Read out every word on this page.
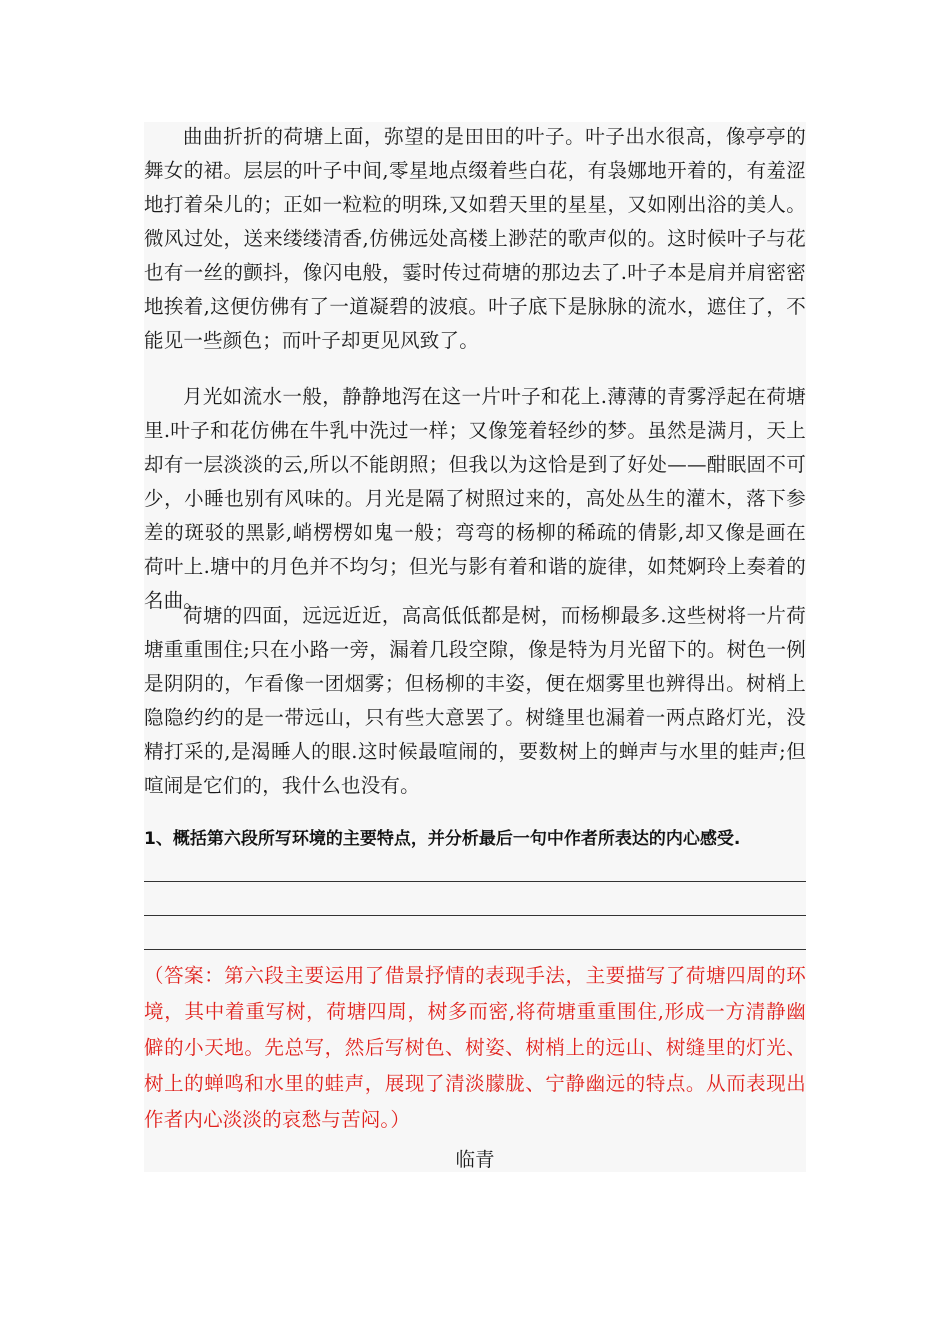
曲曲折折的荷塘上面，弥望的是田田的叶子。叶子出水很高，像亭亭的舞女的裙。层层的叶子中间,零星地点缀着些白花，有袅娜地开着的，有羞涩地打着朵儿的；正如一粒粒的明珠,又如碧天里的星星，又如刚出浴的美人。微风过处，送来缕缕清香,仿佛远处高楼上渺茫的歌声似的。这时候叶子与花也有一丝的颤抖，像闪电般，霎时传过荷塘的那边去了.叶子本是肩并肩密密地挨着,这便仿佛有了一道凝碧的波痕。叶子底下是脉脉的流水，遮住了，不能见一些颜色；而叶子却更见风致了。

月光如流水一般，静静地泻在这一片叶子和花上.薄薄的青雾浮起在荷塘里.叶子和花仿佛在牛乳中洗过一样；又像笼着轻纱的梦。虽然是满月，天上却有一层淡淡的云,所以不能朗照；但我以为这恰是到了好处——酣眠固不可少，小睡也别有风味的。月光是隔了树照过来的，高处丛生的灌木，落下参差的斑驳的黑影,峭楞楞如鬼一般；弯弯的杨柳的稀疏的倩影,却又像是画在荷叶上.塘中的月色并不均匀；但光与影有着和谐的旋律，如梵婀玲上奏着的名曲。

荷塘的四面，远远近近，高高低低都是树，而杨柳最多.这些树将一片荷塘重重围住;只在小路一旁，漏着几段空隙，像是特为月光留下的。树色一例是阴阴的，乍看像一团烟雾；但杨柳的丰姿，便在烟雾里也辨得出。树梢上隐隐约约的是一带远山，只有些大意罢了。树缝里也漏着一两点路灯光，没精打采的,是渴睡人的眼.这时候最喧闹的，要数树上的蝉声与水里的蛙声;但喧闹是它们的，我什么也没有。

1、概括第六段所写环境的主要特点，并分析最后一句中作者所表达的内心感受.

（答案：第六段主要运用了借景抒情的表现手法，主要描写了荷塘四周的环境，其中着重写树，荷塘四周，树多而密,将荷塘重重围住,形成一方清静幽僻的小天地。先总写，然后写树色、树姿、树梢上的远山、树缝里的灯光、树上的蝉鸣和水里的蛙声，展现了清淡朦胧、宁静幽远的特点。从而表现出作者内心淡淡的哀愁与苦闷。）

临青
